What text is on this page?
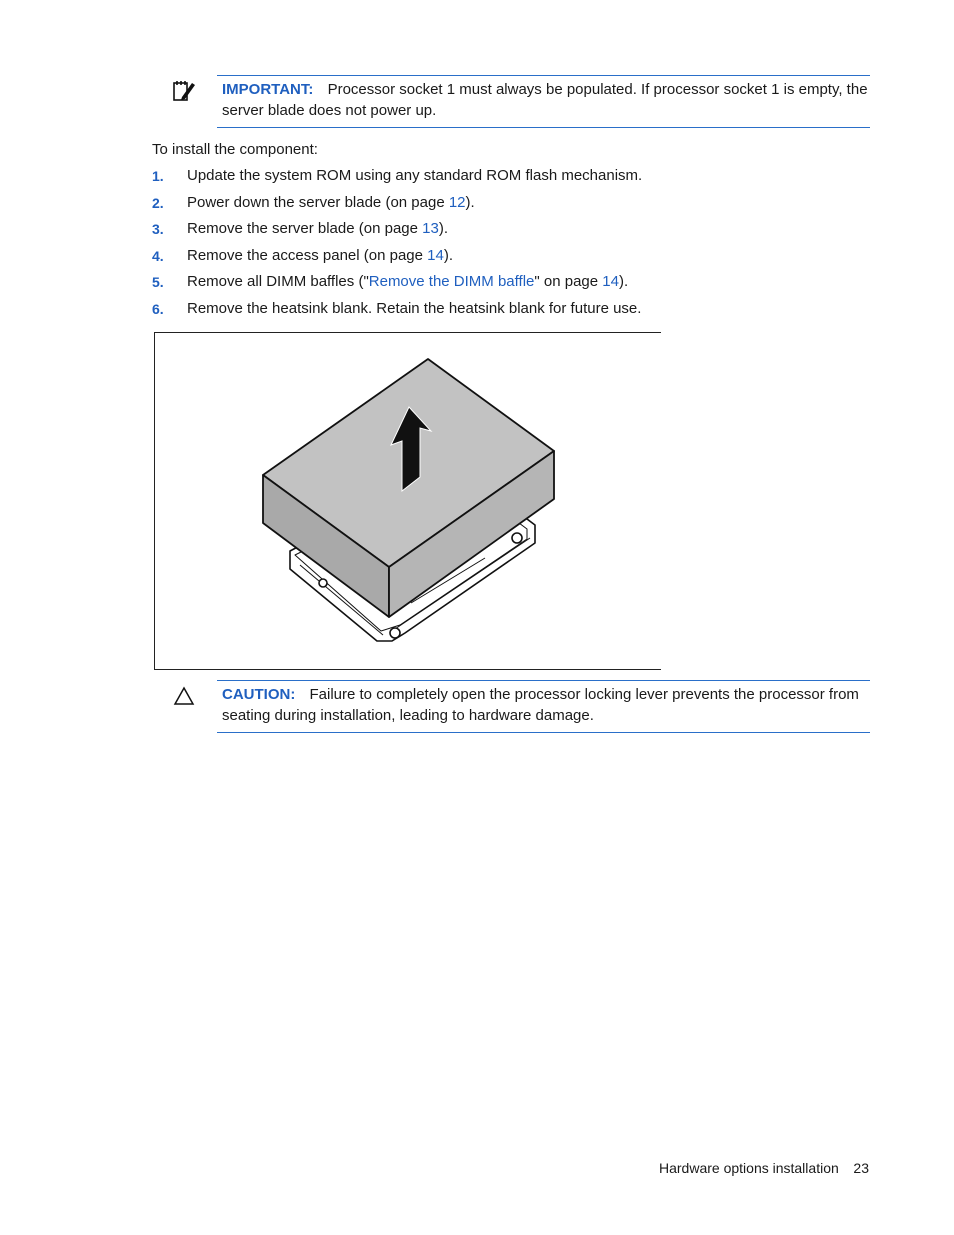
IMPORTANT: Processor socket 1 must always be populated. If processor socket 1 is empty, the server blade does not power up.
To install the component:
1.	Update the system ROM using any standard ROM flash mechanism.
2.	Power down the server blade (on page 12).
3.	Remove the server blade (on page 13).
4.	Remove the access panel (on page 14).
5.	Remove all DIMM baffles ("Remove the DIMM baffle" on page 14).
6.	Remove the heatsink blank. Retain the heatsink blank for future use.
CAUTION: Failure to completely open the processor locking lever prevents the processor from seating during installation, leading to hardware damage.
Hardware options installation 23
